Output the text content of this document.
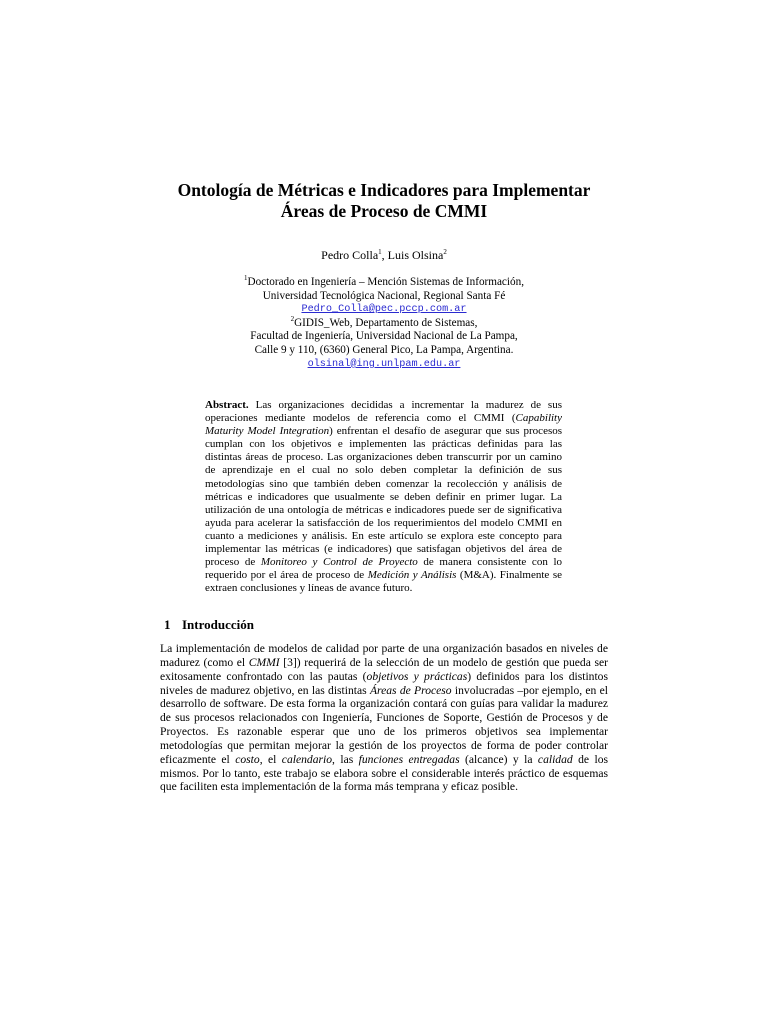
Ontología de Métricas e Indicadores para Implementar
Áreas de Proceso de CMMI
Pedro Colla$^1$, Luis Olsina$^2$
$^1$Doctorado en Ingeniería – Mención Sistemas de Información,
Universidad Tecnológica Nacional, Regional Santa Fé
Pedro_Colla@pec.pccp.com.ar
$^2$GIDIS_Web, Departamento de Sistemas,
Facultad de Ingeniería, Universidad Nacional de La Pampa,
Calle 9 y 110, (6360) General Pico, La Pampa, Argentina.
olsinal@ing.unlpam.edu.ar
Abstract. Las organizaciones decididas a incrementar la madurez de sus operaciones mediante modelos de referencia como el CMMI (Capability Maturity Model Integration) enfrentan el desafío de asegurar que sus procesos cumplan con los objetivos e implementen las prácticas definidas para las distintas áreas de proceso. Las organizaciones deben transcurrir por un camino de aprendizaje en el cual no solo deben completar la definición de sus metodologías sino que también deben comenzar la recolección y análisis de métricas e indicadores que usualmente se deben definir en primer lugar. La utilización de una ontología de métricas e indicadores puede ser de significativa ayuda para acelerar la satisfacción de los requerimientos del modelo CMMI en cuanto a mediciones y análisis. En este artículo se explora este concepto para implementar las métricas (e indicadores) que satisfagan objetivos del área de proceso de Monitoreo y Control de Proyecto de manera consistente con lo requerido por el área de proceso de Medición y Análisis (M&A). Finalmente se extraen conclusiones y líneas de avance futuro.
1 Introducción
La implementación de modelos de calidad por parte de una organización basados en niveles de madurez (como el CMMI [3]) requerirá de la selección de un modelo de gestión que pueda ser exitosamente confrontado con las pautas (objetivos y prácticas) definidos para los distintos niveles de madurez objetivo, en las distintas Áreas de Proceso involucradas –por ejemplo, en el desarrollo de software. De esta forma la organización contará con guías para validar la madurez de sus procesos relacionados con Ingeniería, Funciones de Soporte, Gestión de Procesos y de Proyectos. Es razonable esperar que uno de los primeros objetivos sea implementar metodologías que permitan mejorar la gestión de los proyectos de forma de poder controlar eficazmente el costo, el calendario, las funciones entregadas (alcance) y la calidad de los mismos. Por lo tanto, este trabajo se elabora sobre el considerable interés práctico de esquemas que faciliten esta implementación de la forma más temprana y eficaz posible.
